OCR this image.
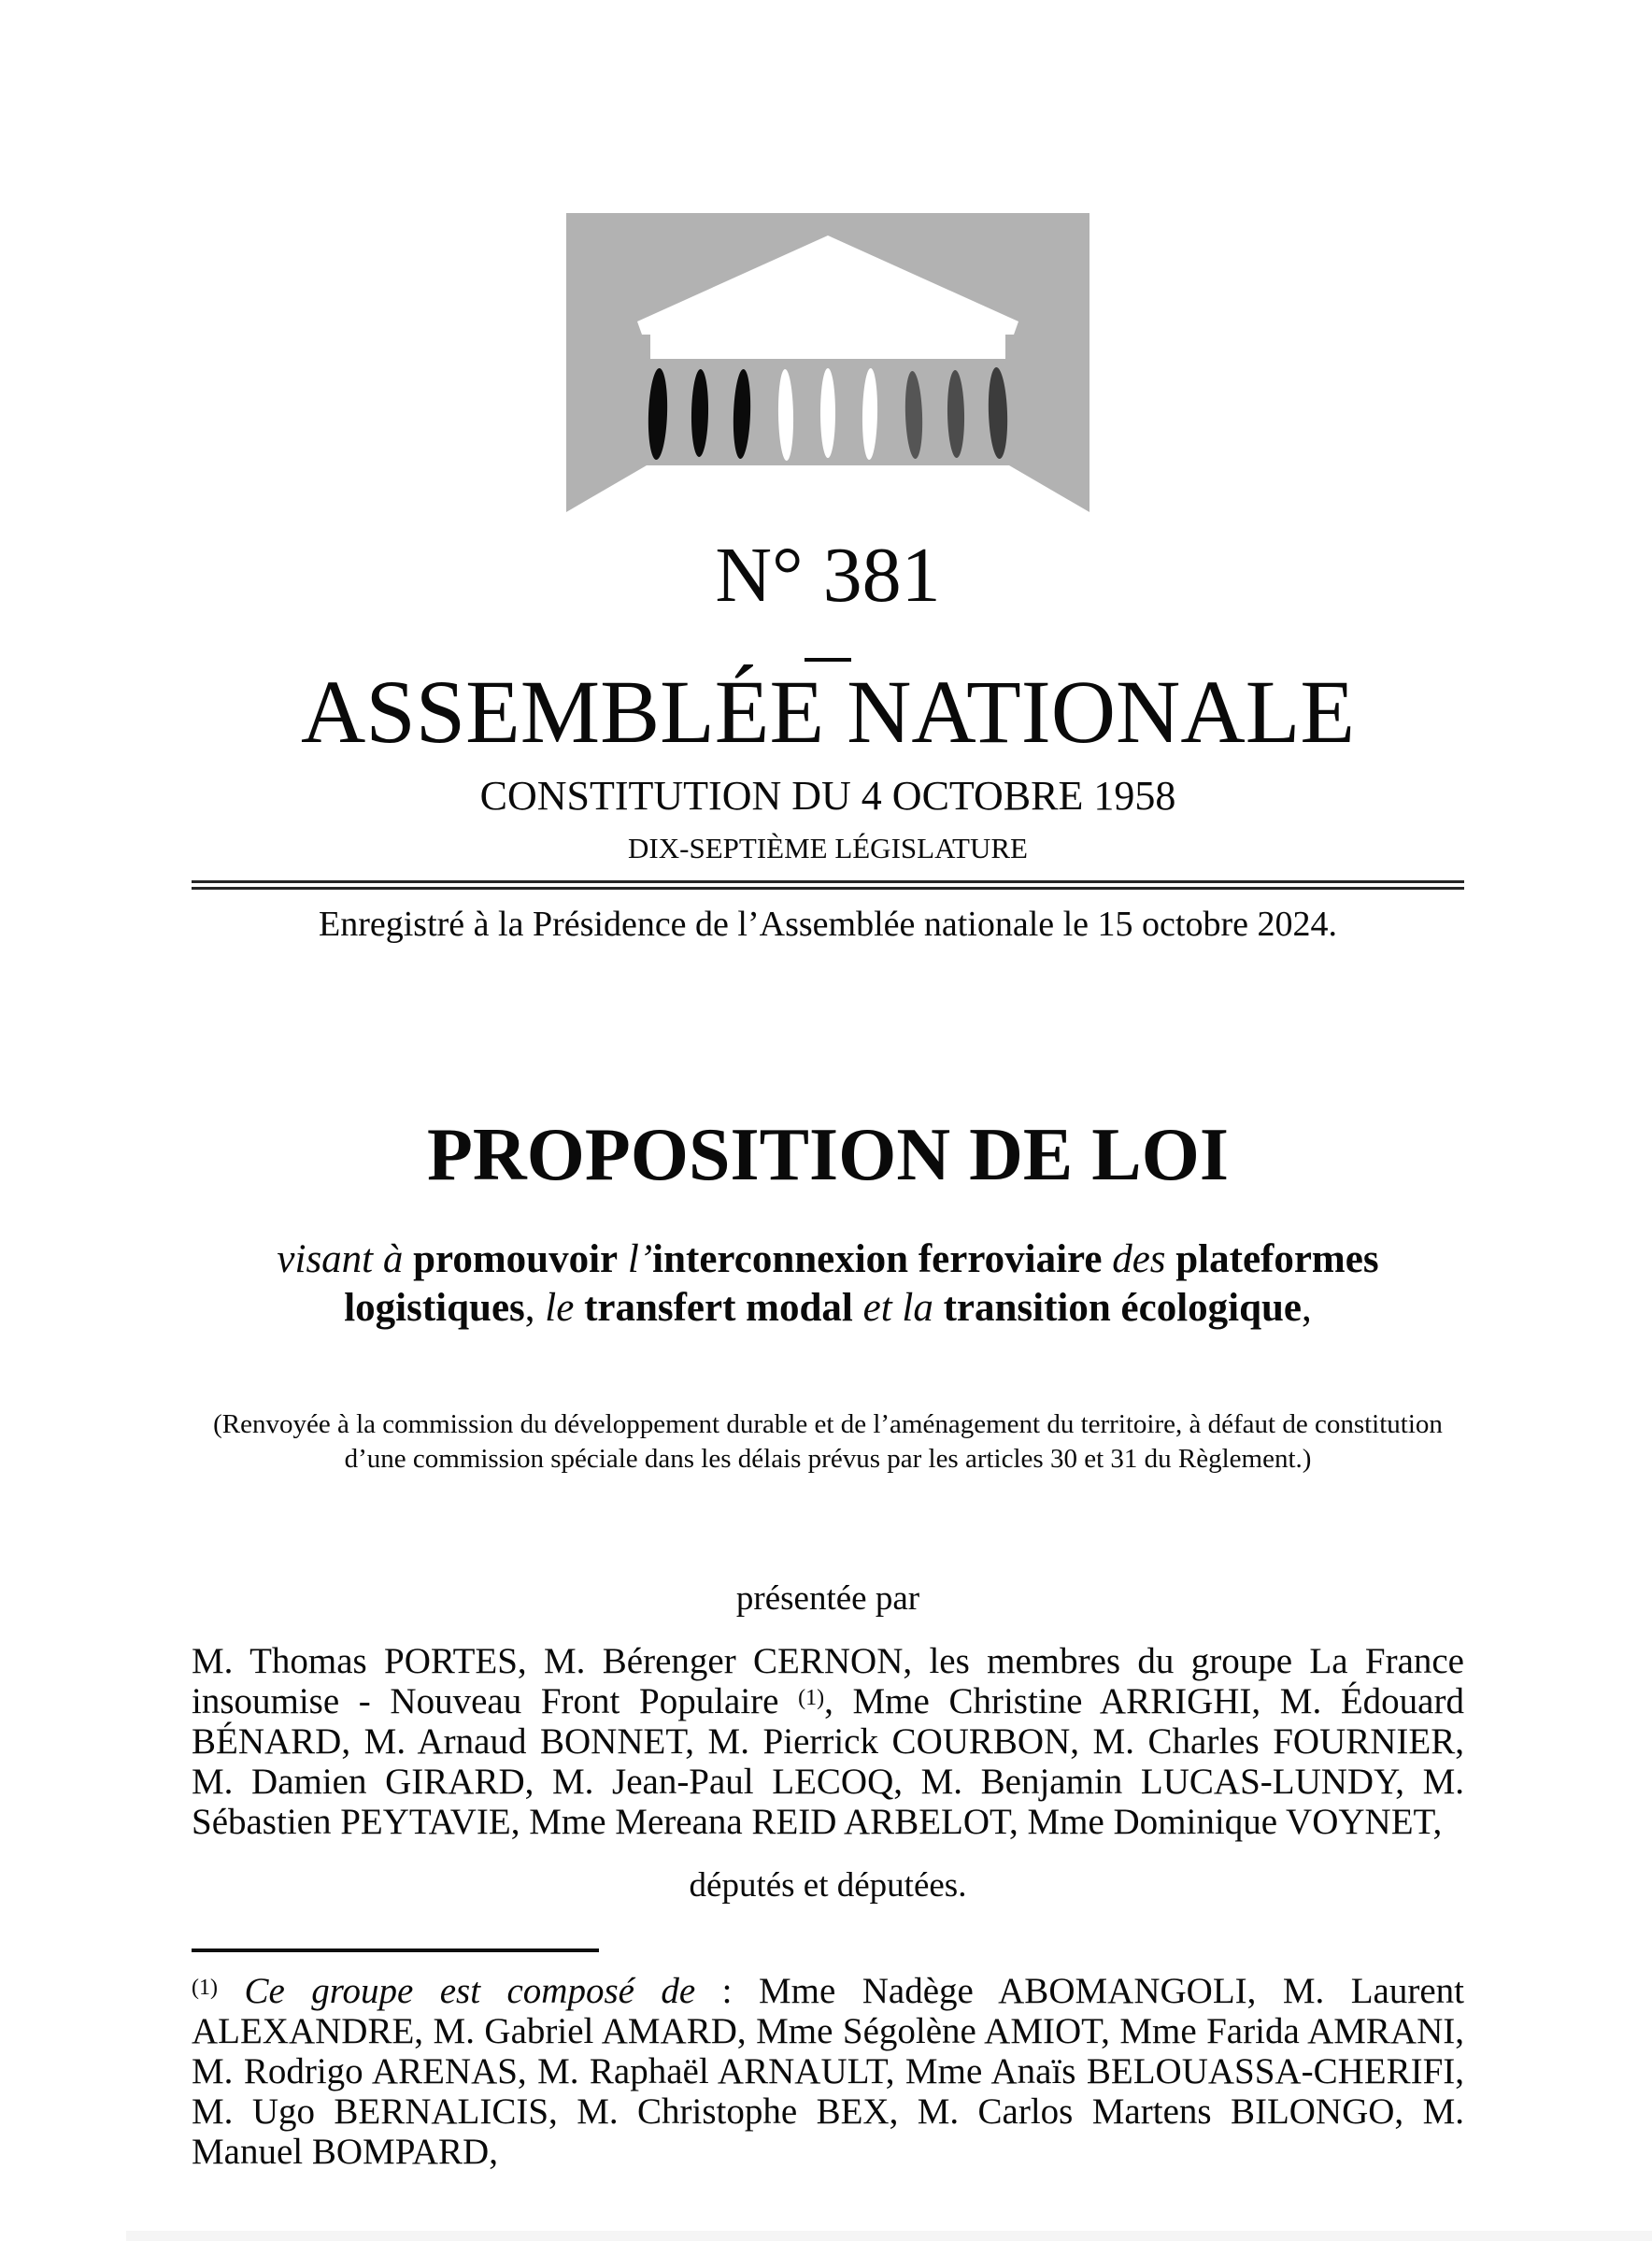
N° 381
ASSEMBLÉE NATIONALE
CONSTITUTION DU 4 OCTOBRE 1958
DIX-SEPTIÈME LÉGISLATURE
Enregistré à la Présidence de l’Assemblée nationale le 15 octobre 2024.
PROPOSITION DE LOI
visant à promouvoir l’interconnexion ferroviaire des plateformes logistiques, le transfert modal et la transition écologique,
(Renvoyée à la commission du développement durable et de l’aménagement du territoire, à défaut de constitution d’une commission spéciale dans les délais prévus par les articles 30 et 31 du Règlement.)
présentée par
M. Thomas PORTES, M. Bérenger CERNON, les membres du groupe La France insoumise - Nouveau Front Populaire $^{(1)}$, Mme Christine ARRIGHI, M. Édouard BÉNARD, M. Arnaud BONNET, M. Pierrick COURBON, M. Charles FOURNIER, M. Damien GIRARD, M. Jean-Paul LECOQ, M. Benjamin LUCAS-LUNDY, M. Sébastien PEYTAVIE, Mme Mereana REID ARBELOT, Mme Dominique VOYNET,
députés et députées.
$^{(1)}$ Ce groupe est composé de : Mme Nadège ABOMANGOLI, M. Laurent ALEXANDRE, M. Gabriel AMARD, Mme Ségolène AMIOT, Mme Farida AMRANI, M. Rodrigo ARENAS, M. Raphaël ARNAULT, Mme Anaïs BELOUASSA-CHERIFI, M. Ugo BERNALICIS, M. Christophe BEX, M. Carlos Martens BILONGO, M. Manuel BOMPARD,
